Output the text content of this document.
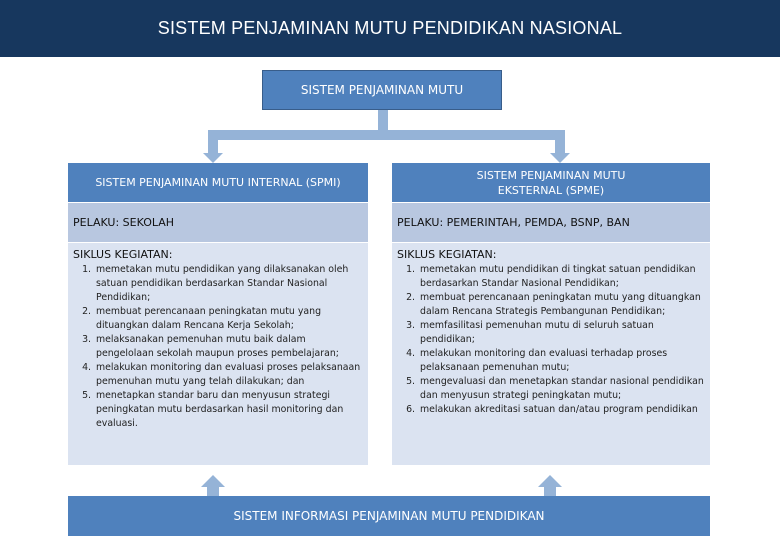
SISTEM PENJAMINAN MUTU PENDIDIKAN NASIONAL
SISTEM PENJAMINAN MUTU
SISTEM PENJAMINAN MUTU INTERNAL (SPMI)
PELAKU: SEKOLAH
SIKLUS KEGIATAN:
1. memetakan mutu pendidikan yang dilaksanakan oleh satuan pendidikan berdasarkan Standar Nasional Pendidikan;
2. membuat perencanaan peningkatan mutu yang dituangkan dalam Rencana Kerja Sekolah;
3. melaksanakan pemenuhan mutu baik dalam pengelolaan sekolah maupun proses pembelajaran;
4. melakukan monitoring dan evaluasi proses pelaksanaan pemenuhan mutu yang telah dilakukan; dan
5. menetapkan standar baru dan menyusun strategi peningkatan mutu berdasarkan hasil monitoring dan evaluasi.
SISTEM PENJAMINAN MUTU EKSTERNAL (SPME)
PELAKU: PEMERINTAH, PEMDA, BSNP, BAN
SIKLUS KEGIATAN:
1. memetakan mutu pendidikan di tingkat satuan pendidikan berdasarkan Standar Nasional Pendidikan;
2. membuat perencanaan peningkatan mutu yang dituangkan dalam Rencana Strategis Pembangunan Pendidikan;
3. memfasilitasi pemenuhan mutu di seluruh satuan pendidikan;
4. melakukan monitoring dan evaluasi terhadap proses pelaksanaan pemenuhan mutu;
5. mengevaluasi dan menetapkan standar nasional pendidikan dan menyusun strategi peningkatan mutu;
6. melakukan akreditasi satuan dan/atau program pendidikan
SISTEM INFORMASI PENJAMINAN MUTU PENDIDIKAN
